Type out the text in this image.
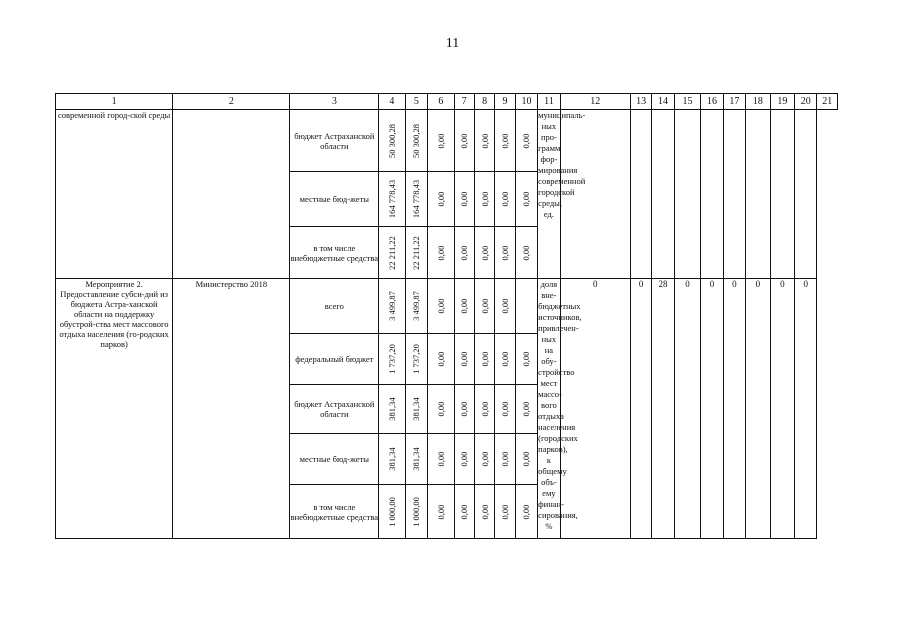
11
1	2	3	4	5	6	7	8	9	10	11	12	13	14	15	16	17	18	19	20	21
современной город-ской среды		бюджет Астраханской области	50 300,28	50 300,28	0,00	0,00	0,00	0,00	0,00	муниципаль-ных про-грамм фор-мирования современной городской среды, ед.										
		местные бюд-жеты	164 778,43	164 778,43	0,00	0,00	0,00	0,00	0,00											

		в том числе внебюджетные средства	22 211,22	22 211,22	0,00	0,00	0,00	0,00	0,00											

Мероприятие 2. Предоставление субси-дий из бюджета Астра-ханской области на поддержку обустрой-ства мест массового отдыха населения (го-родских парков)	Министерство 2018	всего	3 499,87	3 499,87	0,00	0,00	0,00	0,00		доля вне-бюджетных источников, привлечен-ных на обу-стройство мест массо-вого отдыха населения (городских парков), к общему объ-ему финан-сирования, %	0	0	28	0	0	0	0	0	0	
		федеральный бюджет	1 737,20	1 737,20	0,00	0,00	0,00	0,00	0,00											

		бюджет Астраханской области	381,34	381,34	0,00	0,00	0,00	0,00	0,00											

		местные бюд-жеты	381,34	381,34	0,00	0,00	0,00	0,00	0,00											

		в том числе внебюджетные средства	1 000,00	1 000,00	0,00	0,00	0,00	0,00	0,00											
